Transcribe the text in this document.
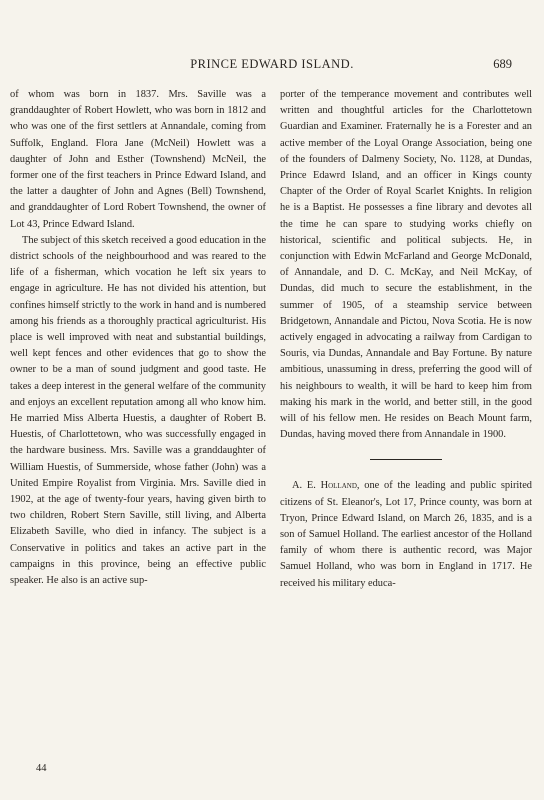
PRINCE EDWARD ISLAND.	689

of whom was born in 1837. Mrs. Saville was a granddaughter of Robert Howlett, who was born in 1812 and who was one of the first settlers at Annandale, coming from Suffolk, England. Flora Jane (McNeil) Howlett was a daughter of John and Esther (Townshend) McNeil, the former one of the first teachers in Prince Edward Island, and the latter a daughter of John and Agnes (Bell) Townshend, and granddaughter of Lord Robert Townshend, the owner of Lot 43, Prince Edward Island.

The subject of this sketch received a good education in the district schools of the neighbourhood and was reared to the life of a fisherman, which vocation he left six years to engage in agriculture. He has not divided his attention, but confines himself strictly to the work in hand and is numbered among his friends as a thoroughly practical agriculturist. His place is well improved with neat and substantial buildings, well kept fences and other evidences that go to show the owner to be a man of sound judgment and good taste. He takes a deep interest in the general welfare of the community and enjoys an excellent reputation among all who know him. He married Miss Alberta Huestis, a daughter of Robert B. Huestis, of Charlottetown, who was successfully engaged in the hardware business. Mrs. Saville was a granddaughter of William Huestis, of Summerside, whose father (John) was a United Empire Royalist from Virginia. Mrs. Saville died in 1902, at the age of twenty-four years, having given birth to two children, Robert Stern Saville, still living, and Alberta Elizabeth Saville, who died in infancy. The subject is a Conservative in politics and takes an active part in the campaigns in this province, being an effective public speaker. He also is an active sup-

porter of the temperance movement and contributes well written and thoughtful articles for the Charlottetown Guardian and Examiner. Fraternally he is a Forester and an active member of the Loyal Orange Association, being one of the founders of Dalmeny Society, No. 1128, at Dundas, Prince Edawrd Island, and an officer in Kings county Chapter of the Order of Royal Scarlet Knights. In religion he is a Baptist. He possesses a fine library and devotes all the time he can spare to studying works chiefly on historical, scientific and political subjects. He, in conjunction with Edwin McFarland and George McDonald, of Annandale, and D. C. McKay, and Neil McKay, of Dundas, did much to secure the establishment, in the summer of 1905, of a steamship service between Bridgetown, Annandale and Pictou, Nova Scotia. He is now actively engaged in advocating a railway from Cardigan to Souris, via Dundas, Annandale and Bay Fortune. By nature ambitious, unassuming in dress, preferring the good will of his neighbours to wealth, it will be hard to keep him from making his mark in the world, and better still, in the good will of his fellow men. He resides on Beach Mount farm, Dundas, having moved there from Annandale in 1900.

A. E. Holland, one of the leading and public spirited citizens of St. Eleanor's, Lot 17, Prince county, was born at Tryon, Prince Edward Island, on March 26, 1835, and is a son of Samuel Holland. The earliest ancestor of the Holland family of whom there is authentic record, was Major Samuel Holland, who was born in England in 1717. He received his military educa-

44
